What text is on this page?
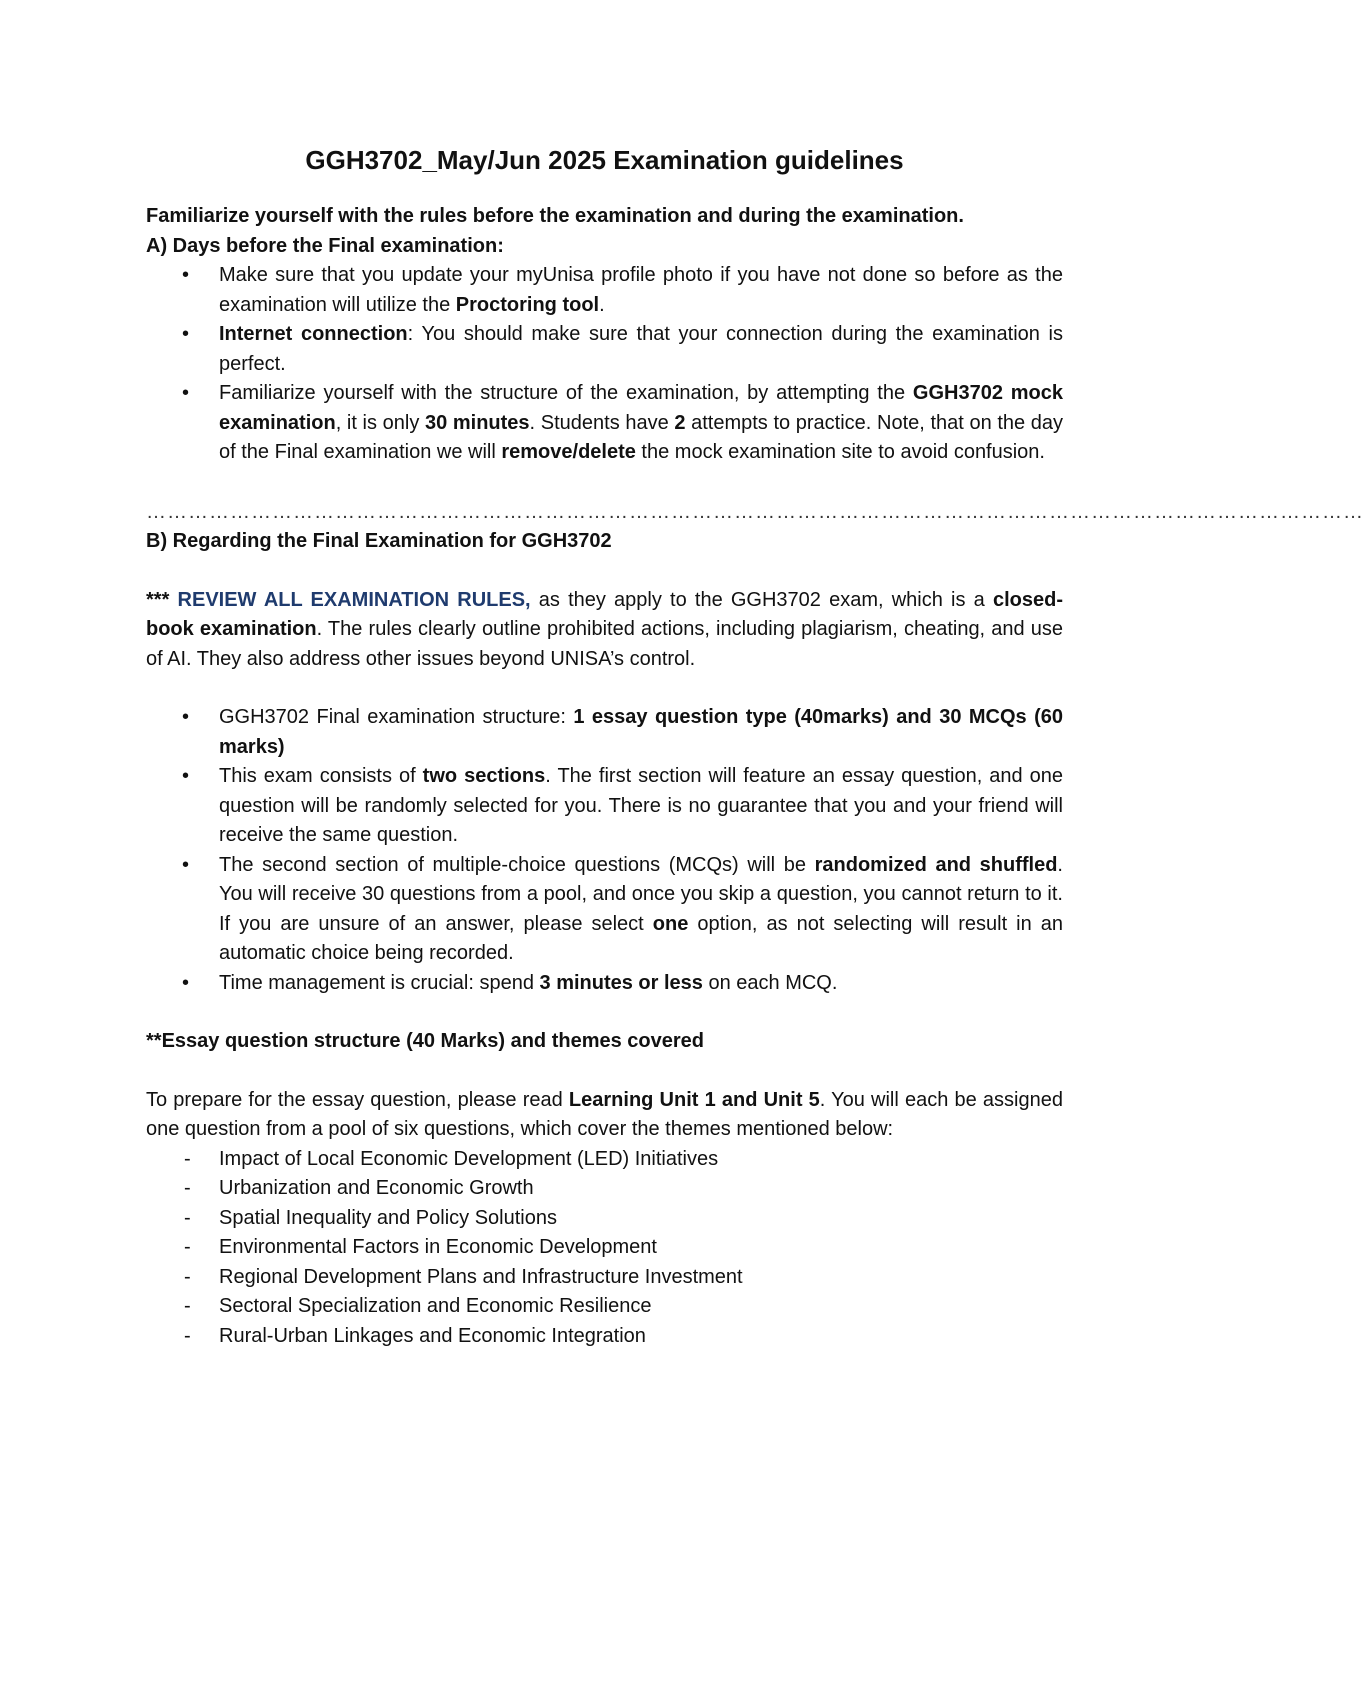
GGH3702_May/Jun 2025 Examination guidelines

Familiarize yourself with the rules before the examination and during the examination.

A) Days before the Final examination:

• Make sure that you update your myUnisa profile photo if you have not done so before as the examination will utilize the Proctoring tool.
• Internet connection: You should make sure that your connection during the examination is perfect.
• Familiarize yourself with the structure of the examination, by attempting the GGH3702 mock examination, it is only 30 minutes. Students have 2 attempts to practice. Note, that on the day of the Final examination we will remove/delete the mock examination site to avoid confusion.
…………………………………………………………………………………………………………………………………………………………

B) Regarding the Final Examination for GGH3702

*** REVIEW ALL EXAMINATION RULES, as they apply to the GGH3702 exam, which is a closed-book examination. The rules clearly outline prohibited actions, including plagiarism, cheating, and use of AI. They also address other issues beyond UNISA’s control.

• GGH3702 Final examination structure: 1 essay question type (40marks) and 30 MCQs (60 marks)
• This exam consists of two sections. The first section will feature an essay question, and one question will be randomly selected for you. There is no guarantee that you and your friend will receive the same question.
• The second section of multiple-choice questions (MCQs) will be randomized and shuffled. You will receive 30 questions from a pool, and once you skip a question, you cannot return to it. If you are unsure of an answer, please select one option, as not selecting will result in an automatic choice being recorded.
• Time management is crucial: spend 3 minutes or less on each MCQ.

**Essay question structure (40 Marks) and themes covered

To prepare for the essay question, please read Learning Unit 1 and Unit 5. You will each be assigned one question from a pool of six questions, which cover the themes mentioned below:

- Impact of Local Economic Development (LED) Initiatives
- Urbanization and Economic Growth
- Spatial Inequality and Policy Solutions
- Environmental Factors in Economic Development
- Regional Development Plans and Infrastructure Investment
- Sectoral Specialization and Economic Resilience
- Rural-Urban Linkages and Economic Integration
